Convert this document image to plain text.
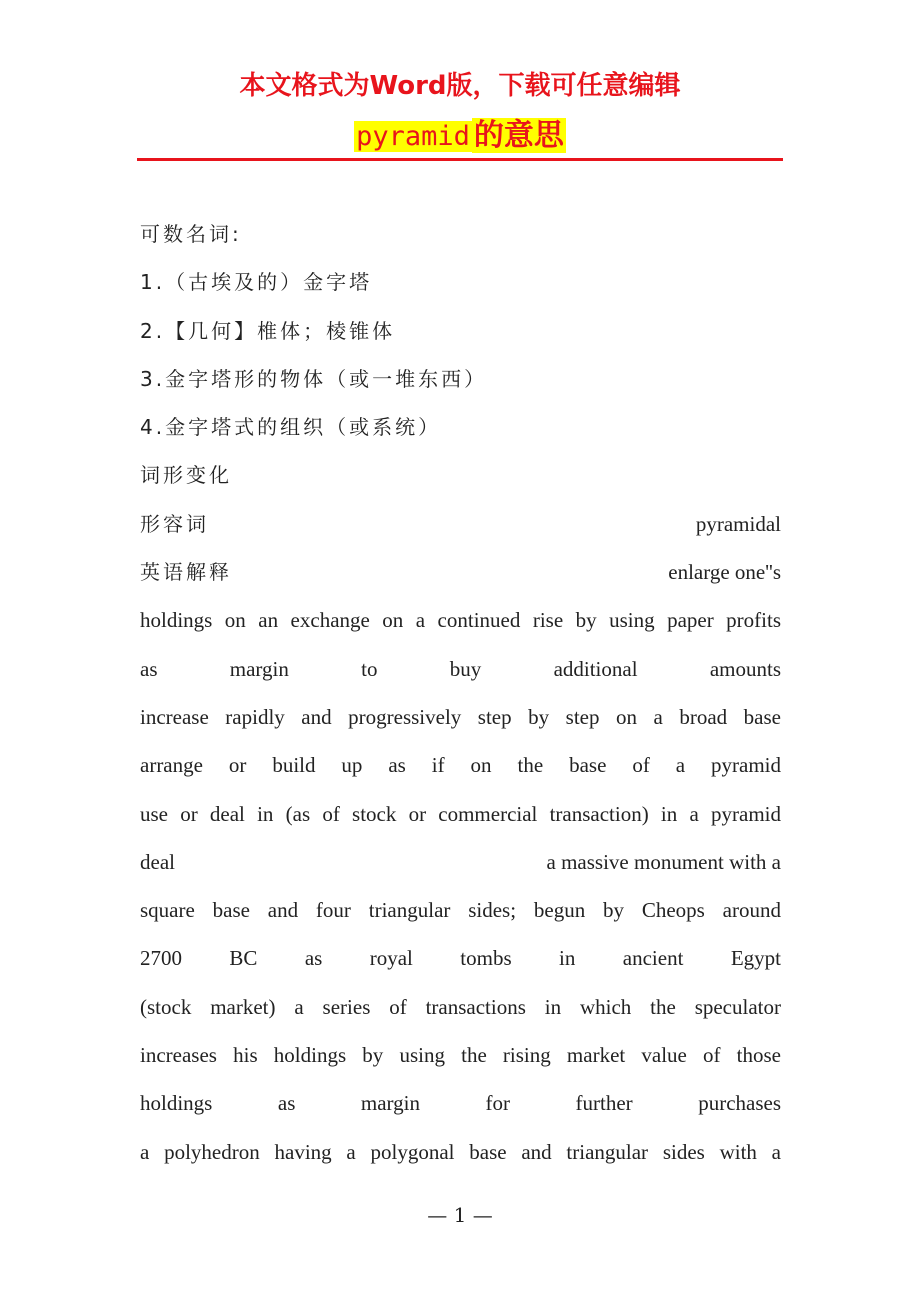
本文格式为Word版，下载可任意编辑
pyramid 的意思
可数名词:
1.（古埃及的）金字塔
2.【几何】椎体；棱锥体
3.金字塔形的物体（或一堆东西）
4.金字塔式的组织（或系统）
词形变化
形容词	pyramidal
英语解释	enlarge one''s
holdings on an exchange on a continued rise by using paper profits
as margin to buy additional amounts
increase rapidly and progressively step by step on a broad base
arrange or build up as if on the base of a pyramid
use or deal in (as of stock or commercial transaction) in a pyramid
deal	a massive monument with a
square base and four triangular sides; begun by Cheops around
2700 BC as royal tombs in ancient Egypt
(stock market) a series of transactions in which the speculator
increases his holdings by using the rising market value of those
holdings as margin for further purchases
a polyhedron having a polygonal base and triangular sides with a
— 1 —
